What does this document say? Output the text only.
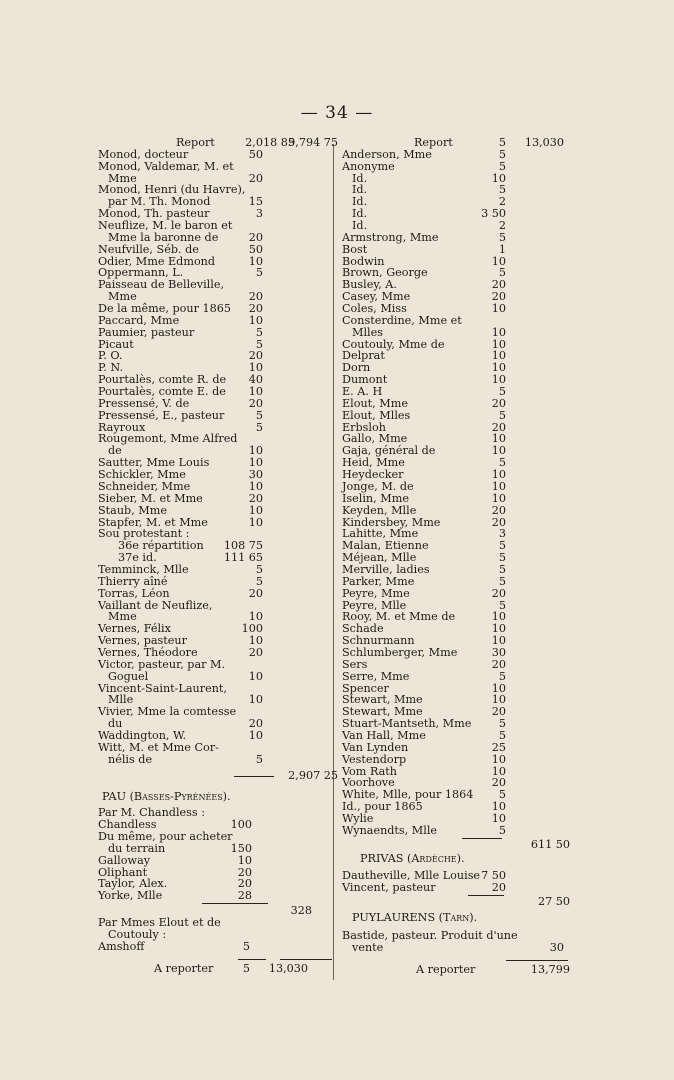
— 34 —
Report	2,018 85
9,794 75
Monod, docteur	50
Monod, Valdemar, M. et
Mme	20
Monod, Henri (du Havre),
par M. Th. Monod	15
Monod, Th. pasteur	3
Neuflize, M. le baron et
Mme la baronne de	20
Neufville, Séb. de	50
Odier, Mme Edmond	10
Oppermann, L.	5
Paisseau de Belleville,
Mme	20
De la même, pour 1865 20
Paccard, Mme	10
Paumier, pasteur	5
Picaut	5
P. O.	20
P. N.	10
Pourtalès, comte R. de 40
Pourtalès, comte E. de 10
Pressensé, V. de	20
Pressensé, E., pasteur	5
Rayroux	5
Rougemont, Mme Alfred
de	10
Sautter, Mme Louis	10
Schickler, Mme	30
Schneider, Mme	10
Sieber, M. et Mme	20
Staub, Mme	10
Stapfer, M. et Mme	10
Sou protestant :
36e répartition 108 75
37e id.	111 65
Temminck, Mlle	5
Thierry aîné	5
Torras, Léon	20
Vaillant de Neuflize,
Mme	10
Vernes, Félix	100
Vernes, pasteur	10
Vernes, Théodore	20
Victor, pasteur, par M.
Goguel	10
Vincent-Saint-Laurent,
Mlle	10
Vivier, Mme la comtesse
du	20
Waddington, W.	10
Witt, M. et Mme Cor-
nélis de	5
2,907 25
PAU (Basses-Pyrénées).
Par M. Chandless :
Chandless	100
Du même, pour acheter
du terrain	150
Galloway	10
Oliphant	20
Taylor, Alex.	20
Yorke, Mlle	28
328
Par Mmes Elout et de
Coutouly :
Amshoff	5
A reporter	5 13,030
Report	5 13,030
Anderson, Mme	5
Anonyme	5
Id.	10
Id.	5
Id.	2
Id.	3 50
Id.	2
Armstrong, Mme	5
Bost	1
Bodwin	10
Brown, George	5
Busley, A.	20
Casey, Mme	20
Coles, Miss	10
Consterdine, Mme et
Mlles	10
Coutouly, Mme de	10
Delprat	10
Dorn	10
Dumont	10
E. A. H	5
Elout, Mme	20
Elout, Mlles	5
Erbsloh	20
Gallo, Mme	10
Gaja, général de	10
Heid, Mme	5
Heydecker	10
Jonge, M. de	10
Iselin, Mme	10
Keyden, Mlle	20
Kindersbey, Mme	20
Lahitte, Mme	3
Malan, Etienne	5
Méjean, Mlle	5
Merville, ladies	5
Parker, Mme	5
Peyre, Mme	20
Peyre, Mlle	5
Rooy, M. et Mme de	10
Schade	10
Schnurmann	10
Schlumberger, Mme	30
Sers	20
Serre, Mme	5
Spencer	10
Stewart, Mme	10
Stewart, Mme	20
Stuart-Mantseth, Mme 5
Van Hall, Mme	5
Van Lynden	25
Vestendorp	10
Vom Rath	10
Voorhove	20
White, Mlle, pour 1864 5
Id., pour 1865	10
Wylie	10
Wynaendts, Mlle	5
611 50
PRIVAS (Ardèche).
Dautheville, Mlle Louise 7 50
Vincent, pasteur	20
27 50
PUYLAURENS (Tarn).
Bastide, pasteur. Produit d'une
vente	30
A reporter	13,799
